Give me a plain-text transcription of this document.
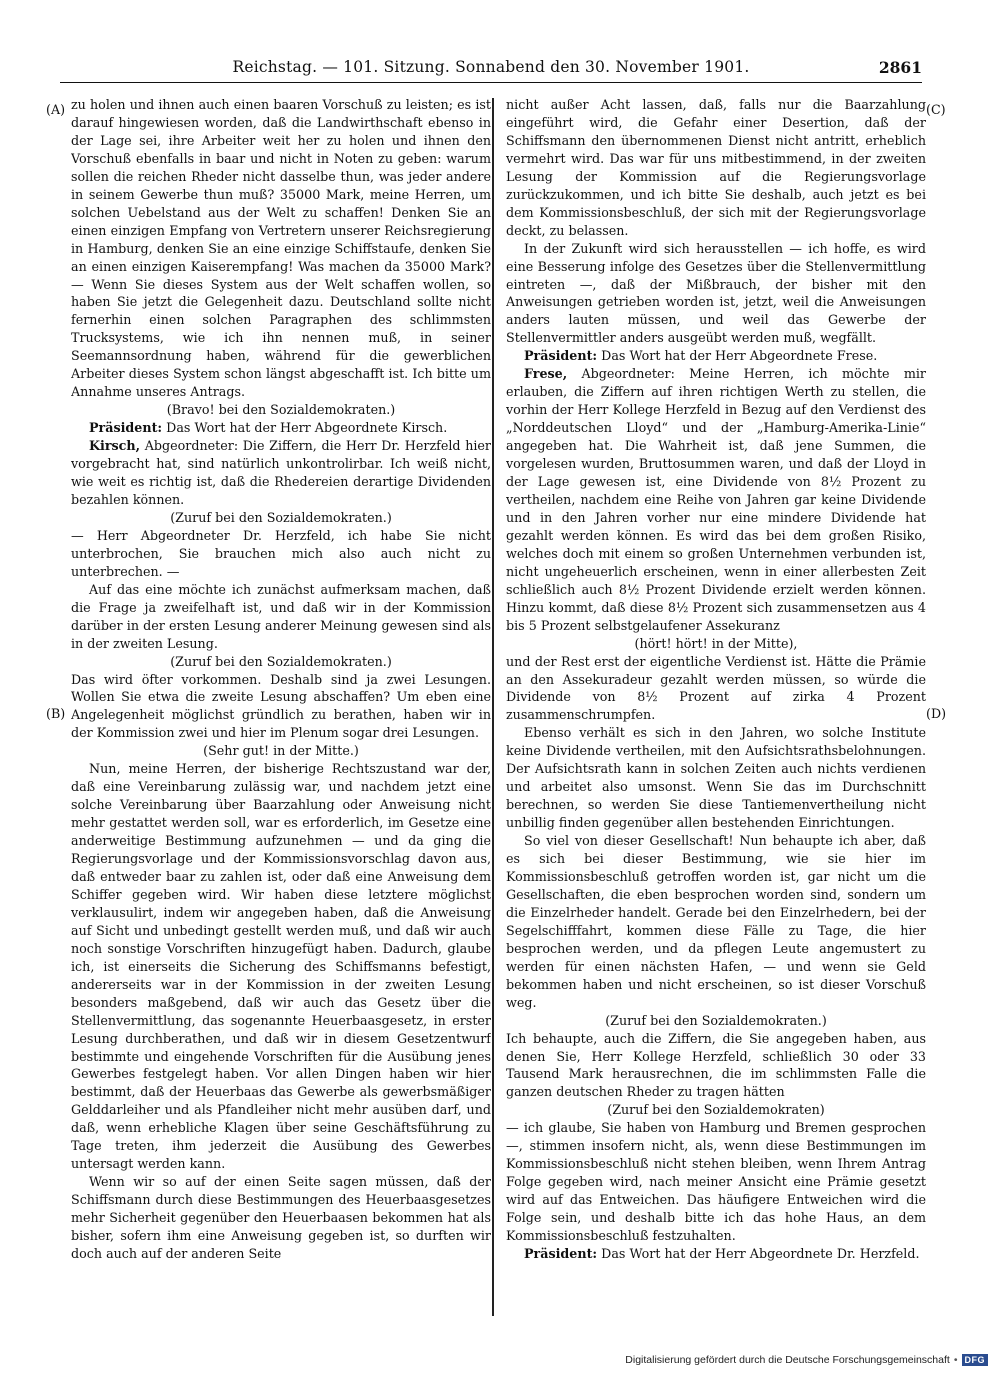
Reichstag. — 101. Sitzung. Sonnabend den 30. November 1901.	2861
(A)
(B)
(C)
(D)

zu holen und ihnen auch einen baaren Vorschuß zu leisten; es ist darauf hingewiesen worden, daß die Landwirthschaft ebenso in der Lage sei, ihre Arbeiter weit her zu holen und ihnen den Vorschuß ebenfalls in baar und nicht in Noten zu geben: warum sollen die reichen Rheder nicht dasselbe thun, was jeder andere in seinem Gewerbe thun muß? 35000 Mark, meine Herren, um solchen Uebelstand aus der Welt zu schaffen! Denken Sie an einen einzigen Empfang von Vertretern unserer Reichsregierung in Hamburg, denken Sie an eine einzige Schiffstaufe, denken Sie an einen einzigen Kaiserempfang! Was machen da 35000 Mark? — Wenn Sie dieses System aus der Welt schaffen wollen, so haben Sie jetzt die Gelegenheit dazu. Deutschland sollte nicht fernerhin einen solchen Paragraphen des schlimmsten Trucksystems, wie ich ihn nennen muß, in seiner Seemannsordnung haben, während für die gewerblichen Arbeiter dieses System schon längst abgeschafft ist. Ich bitte um Annahme unseres Antrags.

(Bravo! bei den Sozialdemokraten.)

Präsident: Das Wort hat der Herr Abgeordnete Kirsch.

Kirsch, Abgeordneter: Die Ziffern, die Herr Dr. Herzfeld hier vorgebracht hat, sind natürlich unkontrolirbar. Ich weiß nicht, wie weit es richtig ist, daß die Rhedereien derartige Dividenden bezahlen können.

(Zuruf bei den Sozialdemokraten.)

— Herr Abgeordneter Dr. Herzfeld, ich habe Sie nicht unterbrochen, Sie brauchen mich also auch nicht zu unterbrechen. —

Auf das eine möchte ich zunächst aufmerksam machen, daß die Frage ja zweifelhaft ist, und daß wir in der Kommission darüber in der ersten Lesung anderer Meinung gewesen sind als in der zweiten Lesung.

(Zuruf bei den Sozialdemokraten.)

Das wird öfter vorkommen. Deshalb sind ja zwei Lesungen. Wollen Sie etwa die zweite Lesung abschaffen? Um eben eine Angelegenheit möglichst gründlich zu berathen, haben wir in der Kommission zwei und hier im Plenum sogar drei Lesungen.

(Sehr gut! in der Mitte.)

Nun, meine Herren, der bisherige Rechtszustand war der, daß eine Vereinbarung zulässig war, und nachdem jetzt eine solche Vereinbarung über Baarzahlung oder Anweisung nicht mehr gestattet werden soll, war es erforderlich, im Gesetze eine anderweitige Bestimmung aufzunehmen — und da ging die Regierungsvorlage und der Kommissionsvorschlag davon aus, daß entweder baar zu zahlen ist, oder daß eine Anweisung dem Schiffer gegeben wird. Wir haben diese letztere möglichst verklausulirt, indem wir angegeben haben, daß die Anweisung auf Sicht und unbedingt gestellt werden muß, und daß wir auch noch sonstige Vorschriften hinzugefügt haben. Dadurch, glaube ich, ist einerseits die Sicherung des Schiffsmanns befestigt, andererseits war in der Kommission in der zweiten Lesung besonders maßgebend, daß wir auch das Gesetz über die Stellenvermittlung, das sogenannte Heuerbaasgesetz, in erster Lesung durchberathen, und daß wir in diesem Gesetzentwurf bestimmte und eingehende Vorschriften für die Ausübung jenes Gewerbes festgelegt haben. Vor allen Dingen haben wir hier bestimmt, daß der Heuerbaas das Gewerbe als gewerbsmäßiger Gelddarleiher und als Pfandleiher nicht mehr ausüben darf, und daß, wenn erhebliche Klagen über seine Geschäftsführung zu Tage treten, ihm jederzeit die Ausübung des Gewerbes untersagt werden kann.

Wenn wir so auf der einen Seite sagen müssen, daß der Schiffsmann durch diese Bestimmungen des Heuerbaasgesetzes mehr Sicherheit gegenüber den Heuerbaasen bekommen hat als bisher, sofern ihm eine Anweisung gegeben ist, so durften wir doch auch auf der anderen Seite

nicht außer Acht lassen, daß, falls nur die Baarzahlung eingeführt wird, die Gefahr einer Desertion, daß der Schiffsmann den übernommenen Dienst nicht antritt, erheblich vermehrt wird. Das war für uns mitbestimmend, in der zweiten Lesung der Kommission auf die Regierungsvorlage zurückzukommen, und ich bitte Sie deshalb, auch jetzt es bei dem Kommissionsbeschluß, der sich mit der Regierungsvorlage deckt, zu belassen.

In der Zukunft wird sich herausstellen — ich hoffe, es wird eine Besserung infolge des Gesetzes über die Stellenvermittlung eintreten —, daß der Mißbrauch, der bisher mit den Anweisungen getrieben worden ist, jetzt, weil die Anweisungen anders lauten müssen, und weil das Gewerbe der Stellenvermittler anders ausgeübt werden muß, wegfällt.

Präsident: Das Wort hat der Herr Abgeordnete Frese.

Frese, Abgeordneter: Meine Herren, ich möchte mir erlauben, die Ziffern auf ihren richtigen Werth zu stellen, die vorhin der Herr Kollege Herzfeld in Bezug auf den Verdienst des „Norddeutschen Lloyd“ und der „Hamburg-Amerika-Linie“ angegeben hat. Die Wahrheit ist, daß jene Summen, die vorgelesen wurden, Bruttosummen waren, und daß der Lloyd in der Lage gewesen ist, eine Dividende von 8½ Prozent zu vertheilen, nachdem eine Reihe von Jahren gar keine Dividende und in den Jahren vorher nur eine mindere Dividende hat gezahlt werden können. Es wird das bei dem großen Risiko, welches doch mit einem so großen Unternehmen verbunden ist, nicht ungeheuerlich erscheinen, wenn in einer allerbesten Zeit schließlich auch 8½ Prozent Dividende erzielt werden können. Hinzu kommt, daß diese 8½ Prozent sich zusammensetzen aus 4 bis 5 Prozent selbstgelaufener Assekuranz

(hört! hört! in der Mitte),

und der Rest erst der eigentliche Verdienst ist. Hätte die Prämie an den Assekuradeur gezahlt werden müssen, so würde die Dividende von 8½ Prozent auf zirka 4 Prozent zusammenschrumpfen.

Ebenso verhält es sich in den Jahren, wo solche Institute keine Dividende vertheilen, mit den Aufsichtsrathsbelohnungen. Der Aufsichtsrath kann in solchen Zeiten auch nichts verdienen und arbeitet also umsonst. Wenn Sie das im Durchschnitt berechnen, so werden Sie diese Tantiemenvertheilung nicht unbillig finden gegenüber allen bestehenden Einrichtungen.

So viel von dieser Gesellschaft! Nun behaupte ich aber, daß es sich bei dieser Bestimmung, wie sie hier im Kommissionsbeschluß getroffen worden ist, gar nicht um die Gesellschaften, die eben besprochen worden sind, sondern um die Einzelrheder handelt. Gerade bei den Einzelrhedern, bei der Segelschifffahrt, kommen diese Fälle zu Tage, die hier besprochen werden, und da pflegen Leute angemustert zu werden für einen nächsten Hafen, — und wenn sie Geld bekommen haben und nicht erscheinen, so ist dieser Vorschuß weg.

(Zuruf bei den Sozialdemokraten.)

Ich behaupte, auch die Ziffern, die Sie angegeben haben, aus denen Sie, Herr Kollege Herzfeld, schließlich 30 oder 33 Tausend Mark herausrechnen, die im schlimmsten Falle die ganzen deutschen Rheder zu tragen hätten

(Zuruf bei den Sozialdemokraten)

— ich glaube, Sie haben von Hamburg und Bremen gesprochen —, stimmen insofern nicht, als, wenn diese Bestimmungen im Kommissionsbeschluß nicht stehen bleiben, wenn Ihrem Antrag Folge gegeben wird, nach meiner Ansicht eine Prämie gesetzt wird auf das Entweichen. Das häufigere Entweichen wird die Folge sein, und deshalb bitte ich das hohe Haus, an dem Kommissionsbeschluß festzuhalten.

Präsident: Das Wort hat der Herr Abgeordnete Dr. Herzfeld.

Digitalisierung gefördert durch die Deutsche Forschungsgemeinschaft • DFG
